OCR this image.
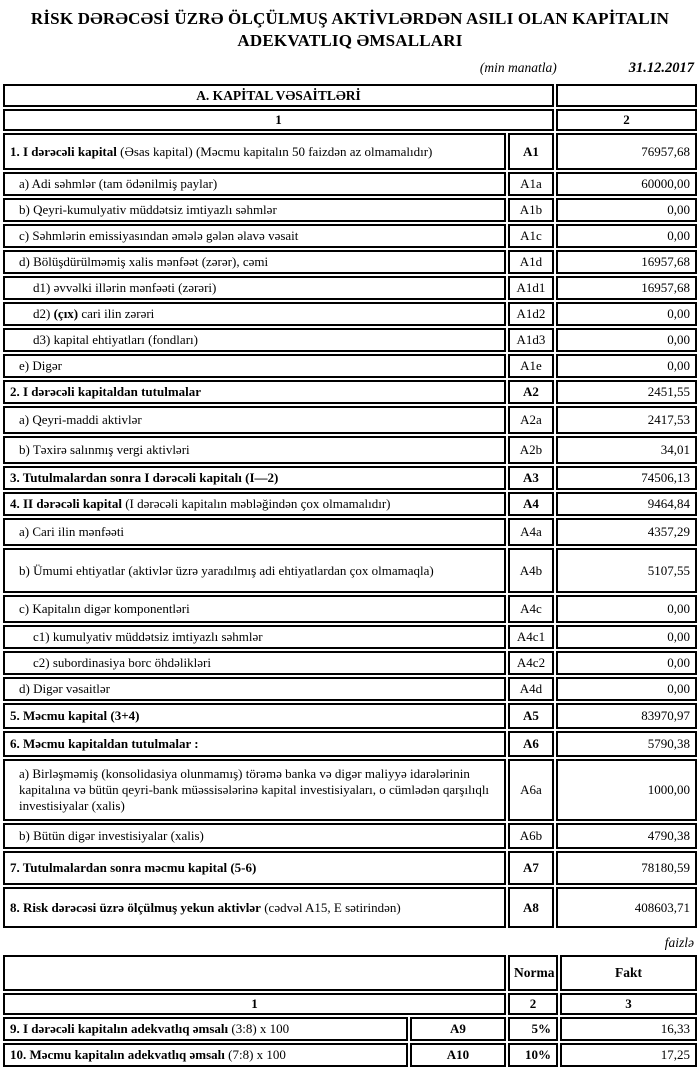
RİSK DƏRƏCƏSİ ÜZRƏ ÖLÇÜLMUŞ AKTİVLƏRDƏN ASILI OLAN KAPİTALIN
ADEKVATLIQ ƏMSALLARI
(min manatla)	31.12.2017
A. KAPİTAL VƏSAİTLƏRİ		
1		2
1. I dərəcəli kapital (Əsas kapital) (Məcmu kapitalın 50 faizdən az olmamalıdır)	A1	76957,68
a) Adi səhmlər (tam ödənilmiş paylar)	A1a	60000,00
b) Qeyri-kumulyativ müddətsiz imtiyazlı səhmlər	A1b	0,00
c) Səhmlərin emissiyasından əmələ gələn əlavə vəsait	A1c	0,00
d) Bölüşdürülməmiş xalis mənfəət (zərər), cəmi	A1d	16957,68
d1) əvvəlki illərin mənfəəti (zərəri)	A1d1	16957,68
d2) (çıx) cari ilin zərəri	A1d2	0,00
d3) kapital ehtiyatları (fondları)	A1d3	0,00
e) Digər	A1e	0,00
2. I dərəcəli kapitaldan tutulmalar	A2	2451,55
a) Qeyri-maddi aktivlər	A2a	2417,53
b) Təxirə salınmış vergi aktivləri	A2b	34,01
3. Tutulmalardan sonra I dərəcəli kapitalı (I—2)	A3	74506,13
4. II dərəcəli kapital (I dərəcəli kapitalın məbləğindən çox olmamalıdır)	A4	9464,84
a) Cari ilin mənfəəti	A4a	4357,29
b) Ümumi ehtiyatlar (aktivlər üzrə yaradılmış adi ehtiyatlardan çox olmamaqla)	A4b	5107,55
c) Kapitalın digər komponentləri	A4c	0,00
c1) kumulyativ müddətsiz imtiyazlı səhmlər	A4c1	0,00
c2) subordinasiya borc öhdəlikləri	A4c2	0,00
d) Digər vəsaitlər	A4d	0,00
5. Məcmu kapital (3+4)	A5	83970,97
6. Məcmu kapitaldan tutulmalar :	A6	5790,38
a) Birləşməmiş (konsolidasiya olunmamış) törəmə banka və digər maliyyə idarələrinin kapitalına və bütün qeyri-bank müəssisələrinə kapital investisiyaları, o cümlədən qarşılıqlı investisiyalar (xalis)	A6a	1000,00
b) Bütün digər investisiyalar (xalis)	A6b	4790,38
7. Tutulmalardan sonra məcmu kapital (5-6)	A7	78180,59
8. Risk dərəcəsi üzrə ölçülmuş yekun aktivlər (cədvəl A15, E sətirindən)	A8	408603,71
faizlə
		Norma	Fakt
1		2	3
9. I dərəcəli kapitalın adekvatlıq əmsalı (3:8) x 100	A9	5%	16,33
10. Məcmu kapitalın adekvatlıq əmsalı (7:8) x 100	A10	10%	17,25
